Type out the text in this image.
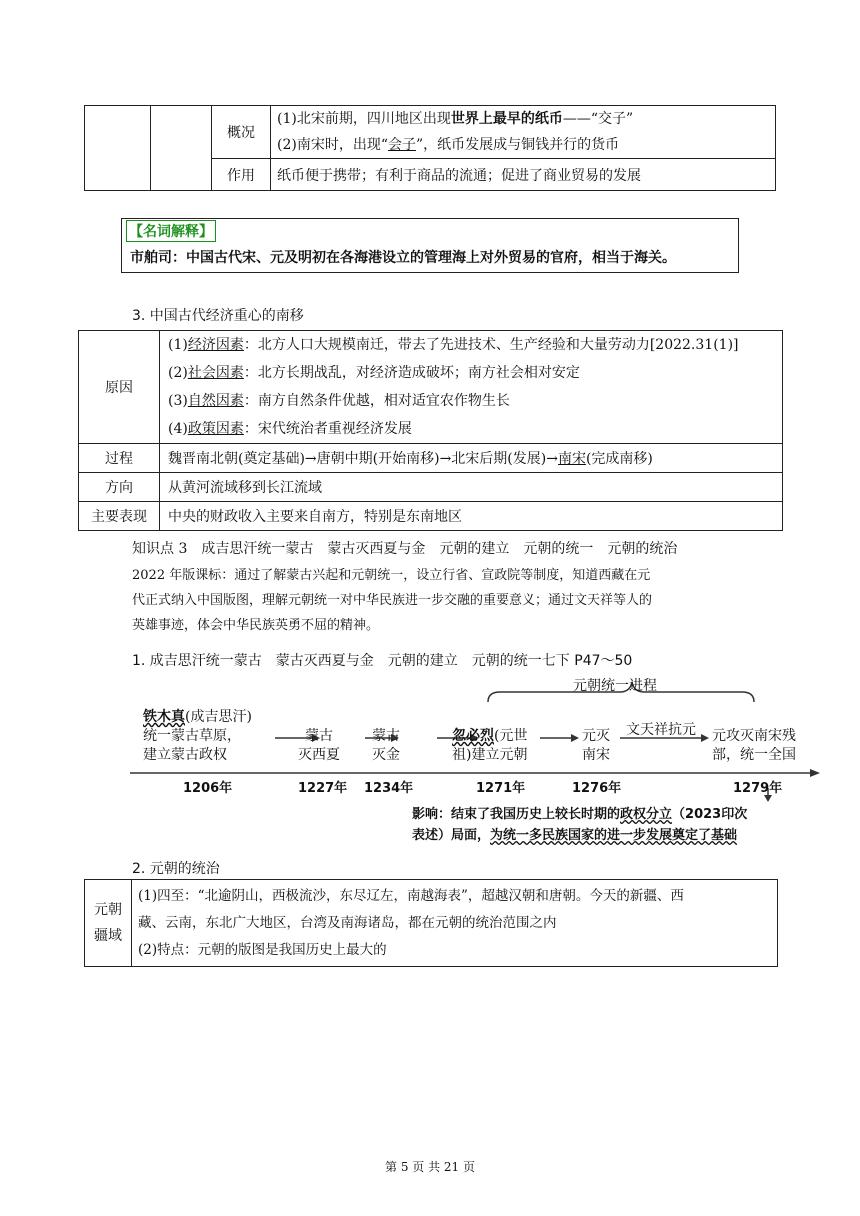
		概况	(1)北宋前期，四川地区出现世界上最早的纸币——“交子”
(2)南宋时，出现“会子”，纸币发展成与铜钱并行的货币

		作用	纸币便于携带；有利于商品的流通；促进了商业贸易的发展
【名词解释】
市舶司：中国古代宋、元及明初在各海港设立的管理海上对外贸易的官府，相当于海关。
3. 中国古代经济重心的南移
原因	(1)经济因素：北方人口大规模南迁，带去了先进技术、生产经验和大量劳动力[2022.31(1)]
(2)社会因素：北方长期战乱，对经济造成破坏；南方社会相对安定
(3)自然因素：南方自然条件优越，相对适宜农作物生长
(4)政策因素：宋代统治者重视经济发展

过程	魏晋南北朝(奠定基础)→唐朝中期(开始南移)→北宋后期(发展)→南宋(完成南移)
方向	从黄河流域移到长江流域
主要表现	中央的财政收入主要来自南方，特别是东南地区
知识点 3　成吉思汗统一蒙古　蒙古灭西夏与金　元朝的建立　元朝的统一　元朝的统治
2022 年版课标：通过了解蒙古兴起和元朝统一，设立行省、宣政院等制度，知道西藏在元
代正式纳入中国版图，理解元朝统一对中华民族进一步交融的重要意义；通过文天祥等人的
英雄事迹，体会中华民族英勇不屈的精神。
1. 成吉思汗统一蒙古　蒙古灭西夏与金　元朝的建立　元朝的统一七下 P47～50
元朝统一进程
铁木真(成吉思汗)
统一蒙古草原，
建立蒙古政权
蒙古
灭西夏
蒙古
灭金
忽必烈(元世
祖)建立元朝
元灭
南宋
文天祥抗元 元攻灭南宋残
部，统一全国
1206年	1227年 1234年	1271年	1276年	1279年
影响：结束了我国历史上较长时期的政权分立（2023印次
表述）局面，为统一多民族国家的进一步发展奠定了基础
2. 元朝的统治
元朝
疆域

(1)四至：“北逾阴山，西极流沙，东尽辽左，南越海表”，超越汉朝和唐朝。今天的新疆、西
藏、云南，东北广大地区，台湾及南海诸岛，都在元朝的统治范围之内
(2)特点：元朝的版图是我国历史上最大的
第 5 页 共 21 页
